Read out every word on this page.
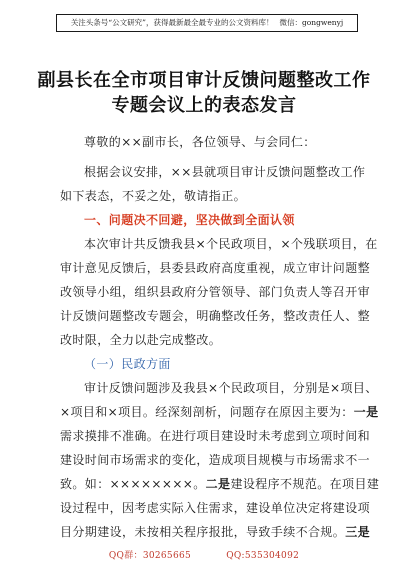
关注头条号“公文研究”，获得最新最全最专业的公文资料库！ 微信：gongwenyj
副县长在全市项目审计反馈问题整改工作
专题会议上的表态发言
尊敬的××副市长，各位领导、与会同仁：
根据会议安排，××县就项目审计反馈问题整改工作
如下表态，不妥之处，敬请指正。
一、问题决不回避，坚决做到全面认领
本次审计共反馈我县×个民政项目，×个残联项目，在
审计意见反馈后，县委县政府高度重视，成立审计问题整
改领导小组，组织县政府分管领导、部门负责人等召开审
计反馈问题整改专题会，明确整改任务，整改责任人、整
改时限，全力以赴完成整改。
（一）民政方面
审计反馈问题涉及我县×个民政项目，分别是×项目、
×项目和×项目。经深刻剖析，问题存在原因主要为：一是
需求摸排不准确。在进行项目建设时未考虑到立项时间和
建设时间市场需求的变化，造成项目规模与市场需求不一
致。如：××××××××。二是建设程序不规范。在项目建
设过程中，因考虑实际入住需求，建设单位决定将建设项
目分期建设，未按相关程序报批，导致手续不合规。三是
QQ群：30265665	QQ:535304092
